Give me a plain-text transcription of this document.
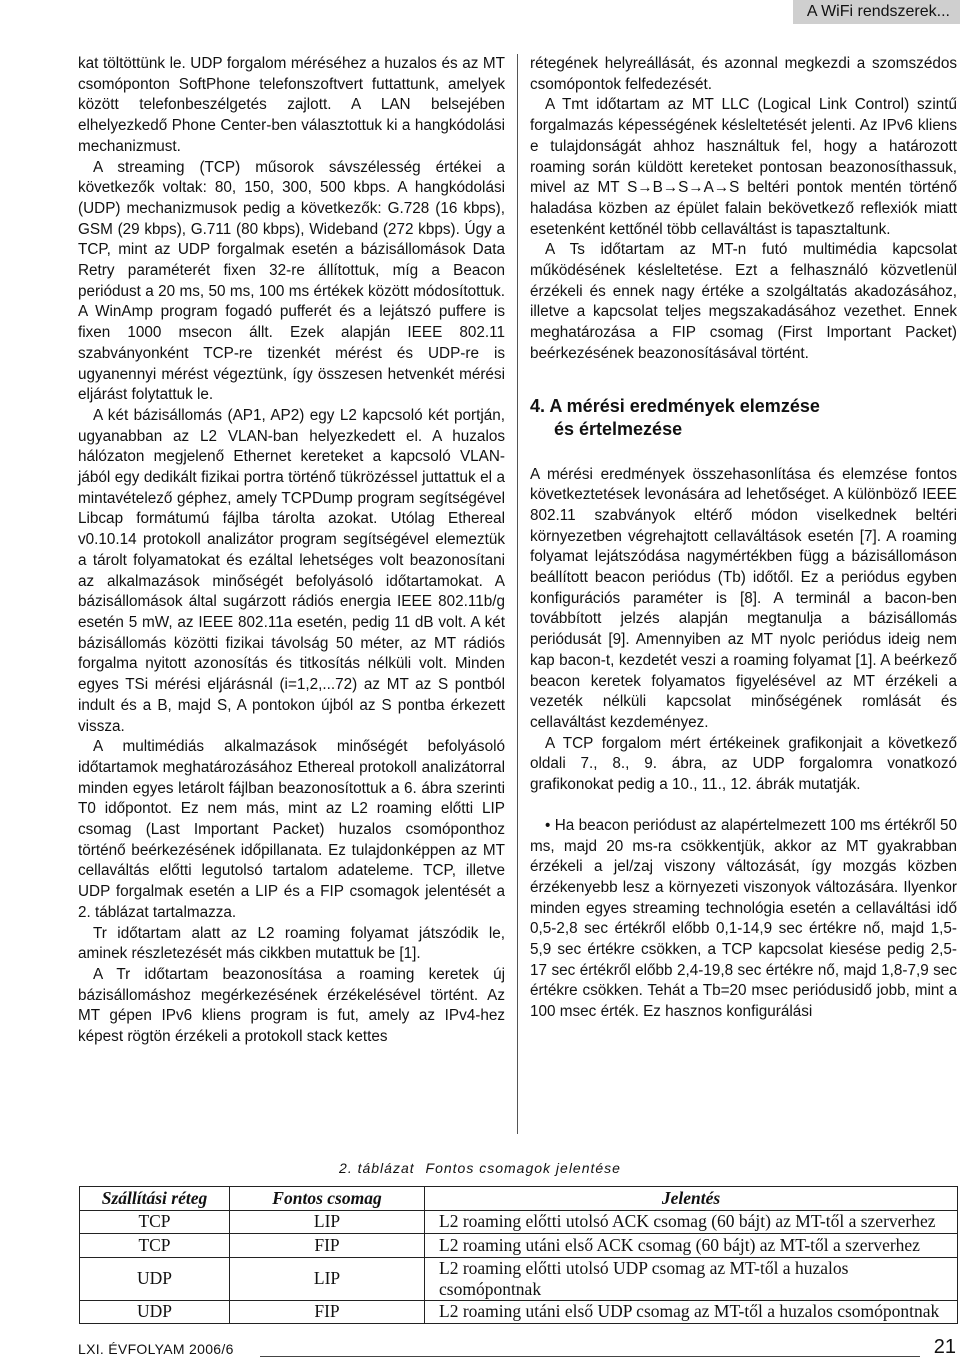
A WiFi rendszerek...

kat töltöttünk le. UDP forgalom méréséhez a huzalos és az MT csomóponton SoftPhone telefonszoftvert futtattunk, amelyek között telefonbeszélgetés zajlott. A LAN belsejében elhelyezkedő Phone Center-ben választottuk ki a hangkódolási mechanizmust.

A streaming (TCP) műsorok sávszélesség értékei a következők voltak: 80, 150, 300, 500 kbps. A hangkódolási (UDP) mechanizmusok pedig a következők: G.728 (16 kbps), GSM (29 kbps), G.711 (80 kbps), Wideband (272 kbps). Úgy a TCP, mint az UDP forgalmak esetén a bázisállomások Data Retry paraméterét fixen 32-re állítottuk, míg a Beacon periódust a 20 ms, 50 ms, 100 ms értékek között módosítottuk. A WinAmp program fogadó pufferét és a lejátszó puffere is fixen 1000 msecon állt. Ezek alapján IEEE 802.11 szabványonként TCP-re tizenkét mérést és UDP-re is ugyanennyi mérést végeztünk, így összesen hetvenkét mérési eljárást folytattuk le.

A két bázisállomás (AP1, AP2) egy L2 kapcsoló két portján, ugyanabban az L2 VLAN-ban helyezkedett el. A huzalos hálózaton megjelenő Ethernet kereteket a kapcsoló VLAN-jából egy dedikált fizikai portra történő tükrözéssel juttattuk el a mintavételező géphez, amely TCPDump program segítségével Libcap formátumú fájlba tárolta azokat. Utólag Ethereal v0.10.14 protokoll analizátor program segítségével elemeztük a tárolt folyamatokat és ezáltal lehetséges volt beazonosítani az alkalmazások minőségét befolyásoló időtartamokat. A bázisállomások által sugárzott rádiós energia IEEE 802.11b/g esetén 5 mW, az IEEE 802.11a esetén, pedig 11 dB volt. A két bázisállomás közötti fizikai távolság 50 méter, az MT rádiós forgalma nyitott azonosítás és titkosítás nélküli volt. Minden egyes TSi mérési eljárásnál (i=1,2,...72) az MT az S pontból indult és a B, majd S, A pontokon újból az S pontba érkezett vissza.

A multimédiás alkalmazások minőségét befolyásoló időtartamok meghatározásához Ethereal protokoll analizátorral minden egyes letárolt fájlban beazonosítottuk a 6. ábra szerinti T0 időpontot. Ez nem más, mint az L2 roaming előtti LIP csomag (Last Important Packet) huzalos csomóponthoz történő beérkezésének időpillanata. Ez tulajdonképpen az MT cellaváltás előtti legutolsó tartalom adateleme. TCP, illetve UDP forgalmak esetén a LIP és a FIP csomagok jelentését a 2. táblázat tartalmazza.

Tr időtartam alatt az L2 roaming folyamat játszódik le, aminek részletezését más cikkben mutattuk be [1].

A Tr időtartam beazonosítása a roaming keretek új bázisállomáshoz megérkezésének érzékelésével történt. Az MT gépen IPv6 kliens program is fut, amely az IPv4-hez képest rögtön érzékeli a protokoll stack kettes

rétegének helyreállását, és azonnal megkezdi a szomszédos csomópontok felfedezését.

A Tmt időtartam az MT LLC (Logical Link Control) szintű forgalmazás képességének késleltetését jelenti. Az IPv6 kliens e tulajdonságát ahhoz használtuk fel, hogy a határozott roaming során küldött kereteket pontosan beazonosíthassuk, mivel az MT S→B→S→A→S beltéri pontok mentén történő haladása közben az épület falain bekövetkező reflexiók miatt esetenként kettőnél több cellaváltást is tapasztaltunk.

A Ts időtartam az MT-n futó multimédia kapcsolat működésének késleltetése. Ezt a felhasználó közvetlenül érzékeli és ennek nagy értéke a szolgáltatás akadozásához, illetve a kapcsolat teljes megszakadásához vezethet. Ennek meghatározása a FIP csomag (First Important Packet) beérkezésének beazonosításával történt.

4. A mérési eredmények elemzése
és értelmezése

A mérési eredmények összehasonlítása és elemzése fontos következtetések levonására ad lehetőséget. A különböző IEEE 802.11 szabványok eltérő módon viselkednek beltéri környezetben végrehajtott cellaváltások esetén [7]. A roaming folyamat lejátszódása nagymértékben függ a bázisállomáson beállított beacon periódus (Tb) időtől. Ez a periódus egyben konfigurációs paraméter is [8]. A terminál a bacon-ben továbbított jelzés alapján megtanulja a bázisállomás periódusát [9]. Amennyiben az MT nyolc periódus ideig nem kap bacon-t, kezdetét veszi a roaming folyamat [1]. A beérkező beacon keretek folyamatos figyelésével az MT érzékeli a vezeték nélküli kapcsolat minőségének romlását és cellaváltást kezdeményez.

A TCP forgalom mért értékeinek grafikonjait a következő oldali 7., 8., 9. ábra, az UDP forgalomra vonatkozó grafikonokat pedig a 10., 11., 12. ábrák mutatják.

• Ha beacon periódust az alapértelmezett 100 ms értékről 50 ms, majd 20 ms-ra csökkentjük, akkor az MT gyakrabban érzékeli a jel/zaj viszony változását, így mozgás közben érzékenyebb lesz a környezeti viszonyok változására. Ilyenkor minden egyes streaming technológia esetén a cellaváltási idő 0,5-2,8 sec értékről előbb 0,1-14,9 sec értékre nő, majd 1,5-5,9 sec értékre csökken, a TCP kapcsolat kiesése pedig 2,5-17 sec értékről előbb 2,4-19,8 sec értékre nő, majd 1,8-7,9 sec értékre csökken. Tehát a Tb=20 msec periódusidő jobb, mint a 100 msec érték. Ez hasznos konfigurálási

2. táblázat Fontos csomagok jelentése
Szállítási réteg	Fontos csomag	Jelentés
TCP	LIP	L2 roaming előtti utolsó ACK csomag (60 bájt) az MT-től a szerverhez
TCP	FIP	L2 roaming utáni első ACK csomag (60 bájt) az MT-től a szerverhez
UDP	LIP	L2 roaming előtti utolsó UDP csomag az MT-től a huzalos csomópontnak
UDP	FIP	L2 roaming utáni első UDP csomag az MT-től a huzalos csomópontnak
LXI. ÉVFOLYAM 2006/6	21
